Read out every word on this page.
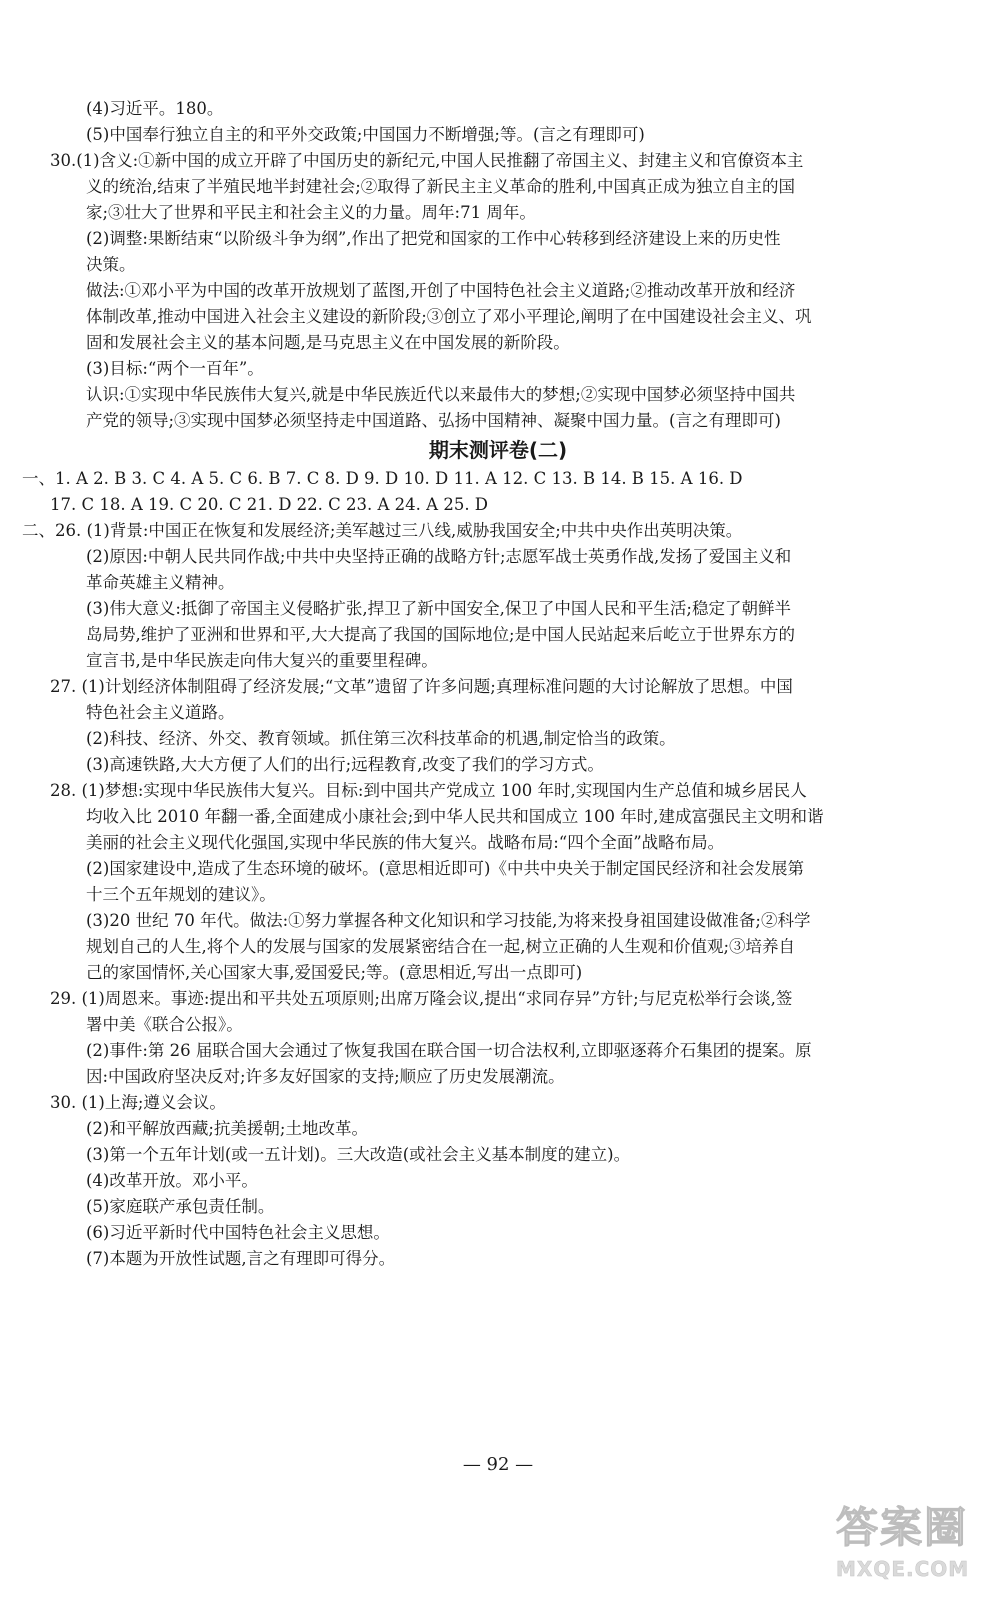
(4)习近平。180。
(5)中国奉行独立自主的和平外交政策;中国国力不断增强;等。(言之有理即可)
30.(1)含义:①新中国的成立开辟了中国历史的新纪元,中国人民推翻了帝国主义、封建主义和官僚资本主
义的统治,结束了半殖民地半封建社会;②取得了新民主主义革命的胜利,中国真正成为独立自主的国
家;③壮大了世界和平民主和社会主义的力量。周年:71 周年。
(2)调整:果断结束“以阶级斗争为纲”,作出了把党和国家的工作中心转移到经济建设上来的历史性
决策。
做法:①邓小平为中国的改革开放规划了蓝图,开创了中国特色社会主义道路;②推动改革开放和经济
体制改革,推动中国进入社会主义建设的新阶段;③创立了邓小平理论,阐明了在中国建设社会主义、巩
固和发展社会主义的基本问题,是马克思主义在中国发展的新阶段。
(3)目标:“两个一百年”。
认识:①实现中华民族伟大复兴,就是中华民族近代以来最伟大的梦想;②实现中国梦必须坚持中国共
产党的领导;③实现中国梦必须坚持走中国道路、弘扬中国精神、凝聚中国力量。(言之有理即可)
期末测评卷(二)
一、1. A 2. B 3. C 4. A 5. C 6. B 7. C 8. D 9. D 10. D 11. A 12. C 13. B 14. B 15. A 16. D
17. C 18. A 19. C 20. C 21. D 22. C 23. A 24. A 25. D
二、26. (1)背景:中国正在恢复和发展经济;美军越过三八线,威胁我国安全;中共中央作出英明决策。
(2)原因:中朝人民共同作战;中共中央坚持正确的战略方针;志愿军战士英勇作战,发扬了爱国主义和
革命英雄主义精神。
(3)伟大意义:抵御了帝国主义侵略扩张,捍卫了新中国安全,保卫了中国人民和平生活;稳定了朝鲜半
岛局势,维护了亚洲和世界和平,大大提高了我国的国际地位;是中国人民站起来后屹立于世界东方的
宣言书,是中华民族走向伟大复兴的重要里程碑。
27. (1)计划经济体制阻碍了经济发展;“文革”遗留了许多问题;真理标准问题的大讨论解放了思想。中国
特色社会主义道路。
(2)科技、经济、外交、教育领域。抓住第三次科技革命的机遇,制定恰当的政策。
(3)高速铁路,大大方便了人们的出行;远程教育,改变了我们的学习方式。
28. (1)梦想:实现中华民族伟大复兴。目标:到中国共产党成立 100 年时,实现国内生产总值和城乡居民人
均收入比 2010 年翻一番,全面建成小康社会;到中华人民共和国成立 100 年时,建成富强民主文明和谐
美丽的社会主义现代化强国,实现中华民族的伟大复兴。战略布局:“四个全面”战略布局。
(2)国家建设中,造成了生态环境的破坏。(意思相近即可)《中共中央关于制定国民经济和社会发展第
十三个五年规划的建议》。
(3)20 世纪 70 年代。做法:①努力掌握各种文化知识和学习技能,为将来投身祖国建设做准备;②科学
规划自己的人生,将个人的发展与国家的发展紧密结合在一起,树立正确的人生观和价值观;③培养自
己的家国情怀,关心国家大事,爱国爱民;等。(意思相近,写出一点即可)
29. (1)周恩来。事迹:提出和平共处五项原则;出席万隆会议,提出“求同存异”方针;与尼克松举行会谈,签
署中美《联合公报》。
(2)事件:第 26 届联合国大会通过了恢复我国在联合国一切合法权利,立即驱逐蒋介石集团的提案。原
因:中国政府坚决反对;许多友好国家的支持;顺应了历史发展潮流。
30. (1)上海;遵义会议。
(2)和平解放西藏;抗美援朝;土地改革。
(3)第一个五年计划(或一五计划)。三大改造(或社会主义基本制度的建立)。
(4)改革开放。邓小平。
(5)家庭联产承包责任制。
(6)习近平新时代中国特色社会主义思想。
(7)本题为开放性试题,言之有理即可得分。
— 92 —
答案圈
MXQE.COM
